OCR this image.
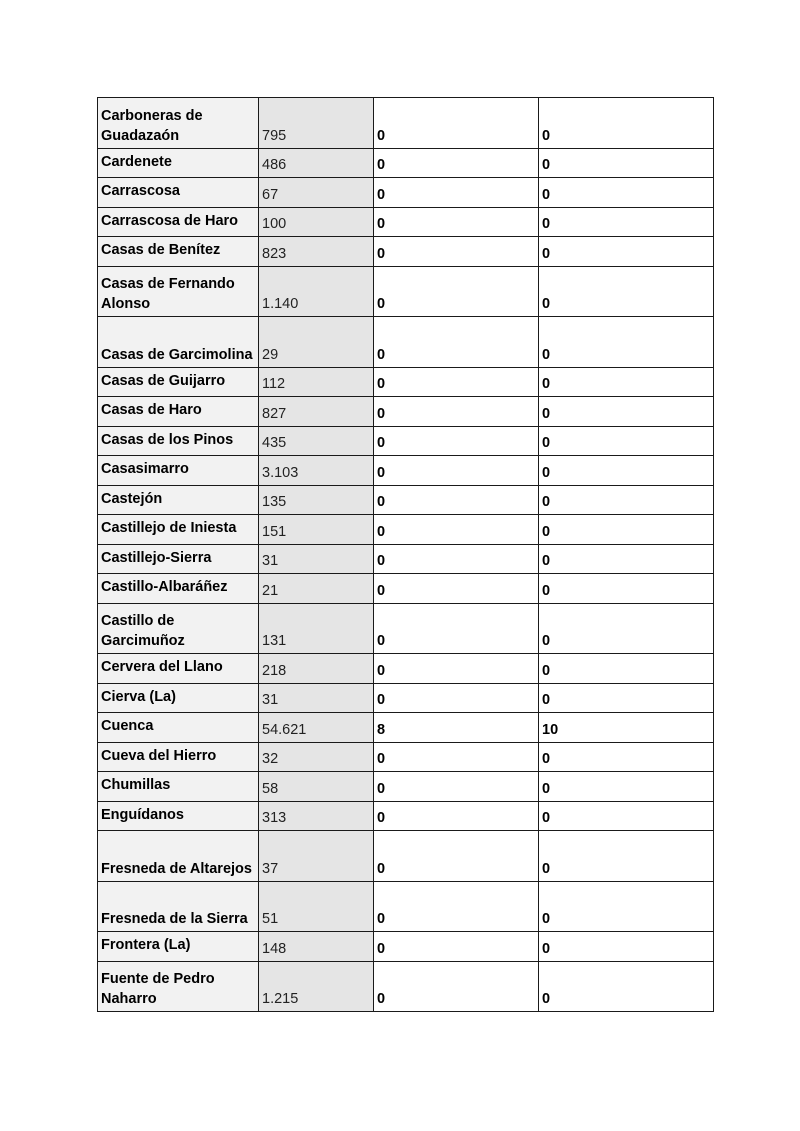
Carboneras de Guadazaón	795	0	0
Cardenete	486	0	0
Carrascosa	67	0	0
Carrascosa de Haro	100	0	0
Casas de Benítez	823	0	0
Casas de Fernando Alonso	1.140	0	0
Casas de Garcimolina	29	0	0
Casas de Guijarro	112	0	0
Casas de Haro	827	0	0
Casas de los Pinos	435	0	0
Casasimarro	3.103	0	0
Castejón	135	0	0
Castillejo de Iniesta	151	0	0
Castillejo-Sierra	31	0	0
Castillo-Albaráñez	21	0	0
Castillo de Garcimuñoz	131	0	0
Cervera del Llano	218	0	0
Cierva (La)	31	0	0
Cuenca	54.621	8	10
Cueva del Hierro	32	0	0
Chumillas	58	0	0
Enguídanos	313	0	0
Fresneda de Altarejos	37	0	0
Fresneda de la Sierra	51	0	0
Frontera (La)	148	0	0
Fuente de Pedro Naharro	1.215	0	0
